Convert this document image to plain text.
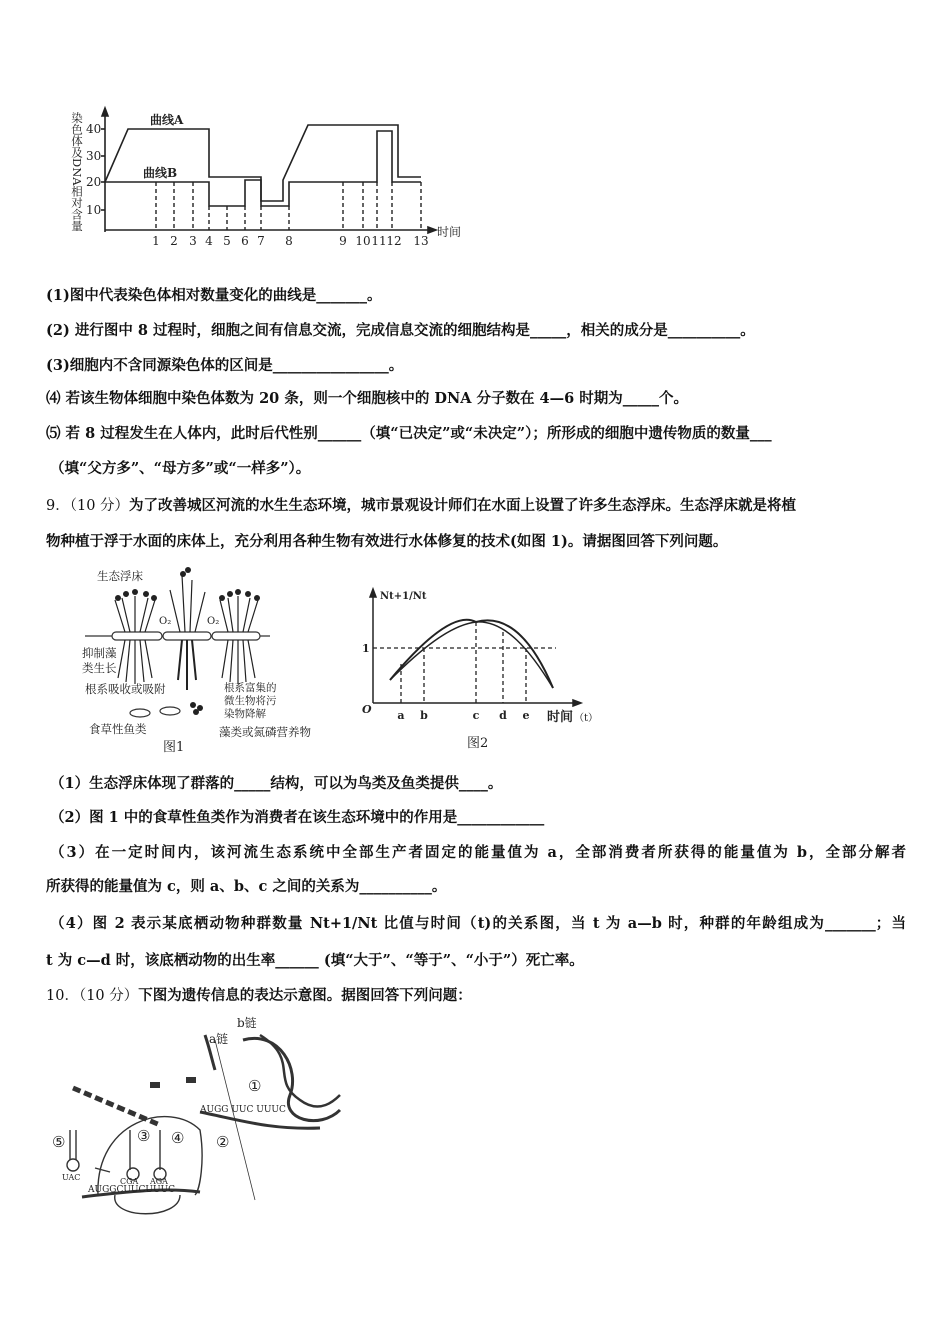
染色体及DNA相对含量 40
30
20
10
曲线A
曲线B
1 2 3 4 5 6 7 8	9 10 11 12 13
时间
(1)图中代表染色体相对数量变化的曲线是_______。
(2) 进行图中 8 过程时，细胞之间有信息交流，完成信息交流的细胞结构是_____，相关的成分是__________。
(3)细胞内不含同源染色体的区间是________________。
⑷ 若该生物体细胞中染色体数为 20 条，则一个细胞核中的 DNA 分子数在 4—6 时期为_____个。
⑸ 若 8 过程发生在人体内，此时后代性别______（填“已决定”或“未决定”）；所形成的细胞中遗传物质的数量___
（填“父方多”、“母方多”或“一样多”）。
9．（10 分）为了改善城区河流的水生生态环境，城市景观设计师们在水面上设置了许多生态浮床。生态浮床就是将植
物种植于浮于水面的床体上，充分利用各种生物有效进行水体修复的技术(如图 1)。请据图回答下列问题。
生态浮床
O₂	O₂
抑制藻
类生长
根系吸收或吸附	根系富集的
微生物将污
染物降解
食草性鱼类	藻类或氮磷营养物
图1
Nt+1/Nt
1
O a b	c d e 时间 （t）
图2
（1）生态浮床体现了群落的_____结构，可以为鸟类及鱼类提供____。
（2）图 1 中的食草性鱼类作为消费者在该生态环境中的作用是____________
（3）在一定时间内，该河流生态系统中全部生产者固定的能量值为 a，全部消费者所获得的能量值为 b，全部分解者
所获得的能量值为 c，则 a、b、c 之间的关系为__________。
（4）图 2 表示某底栖动物种群数量 Nt+1/Nt 比值与时间（t)的关系图，当 t 为 a—b 时，种群的年龄组成为_______；当
t 为 c—d 时，该底栖动物的出生率______ (填“大于”、“等于”、“小于”）死亡率。
10．（10 分）下图为遗传信息的表达示意图。据图回答下列问题：
b链
a链
①
②
③ ④
⑤
AUGG UUC UUUC
AUGGCUUCUUUC
CGA AGA
UAC
